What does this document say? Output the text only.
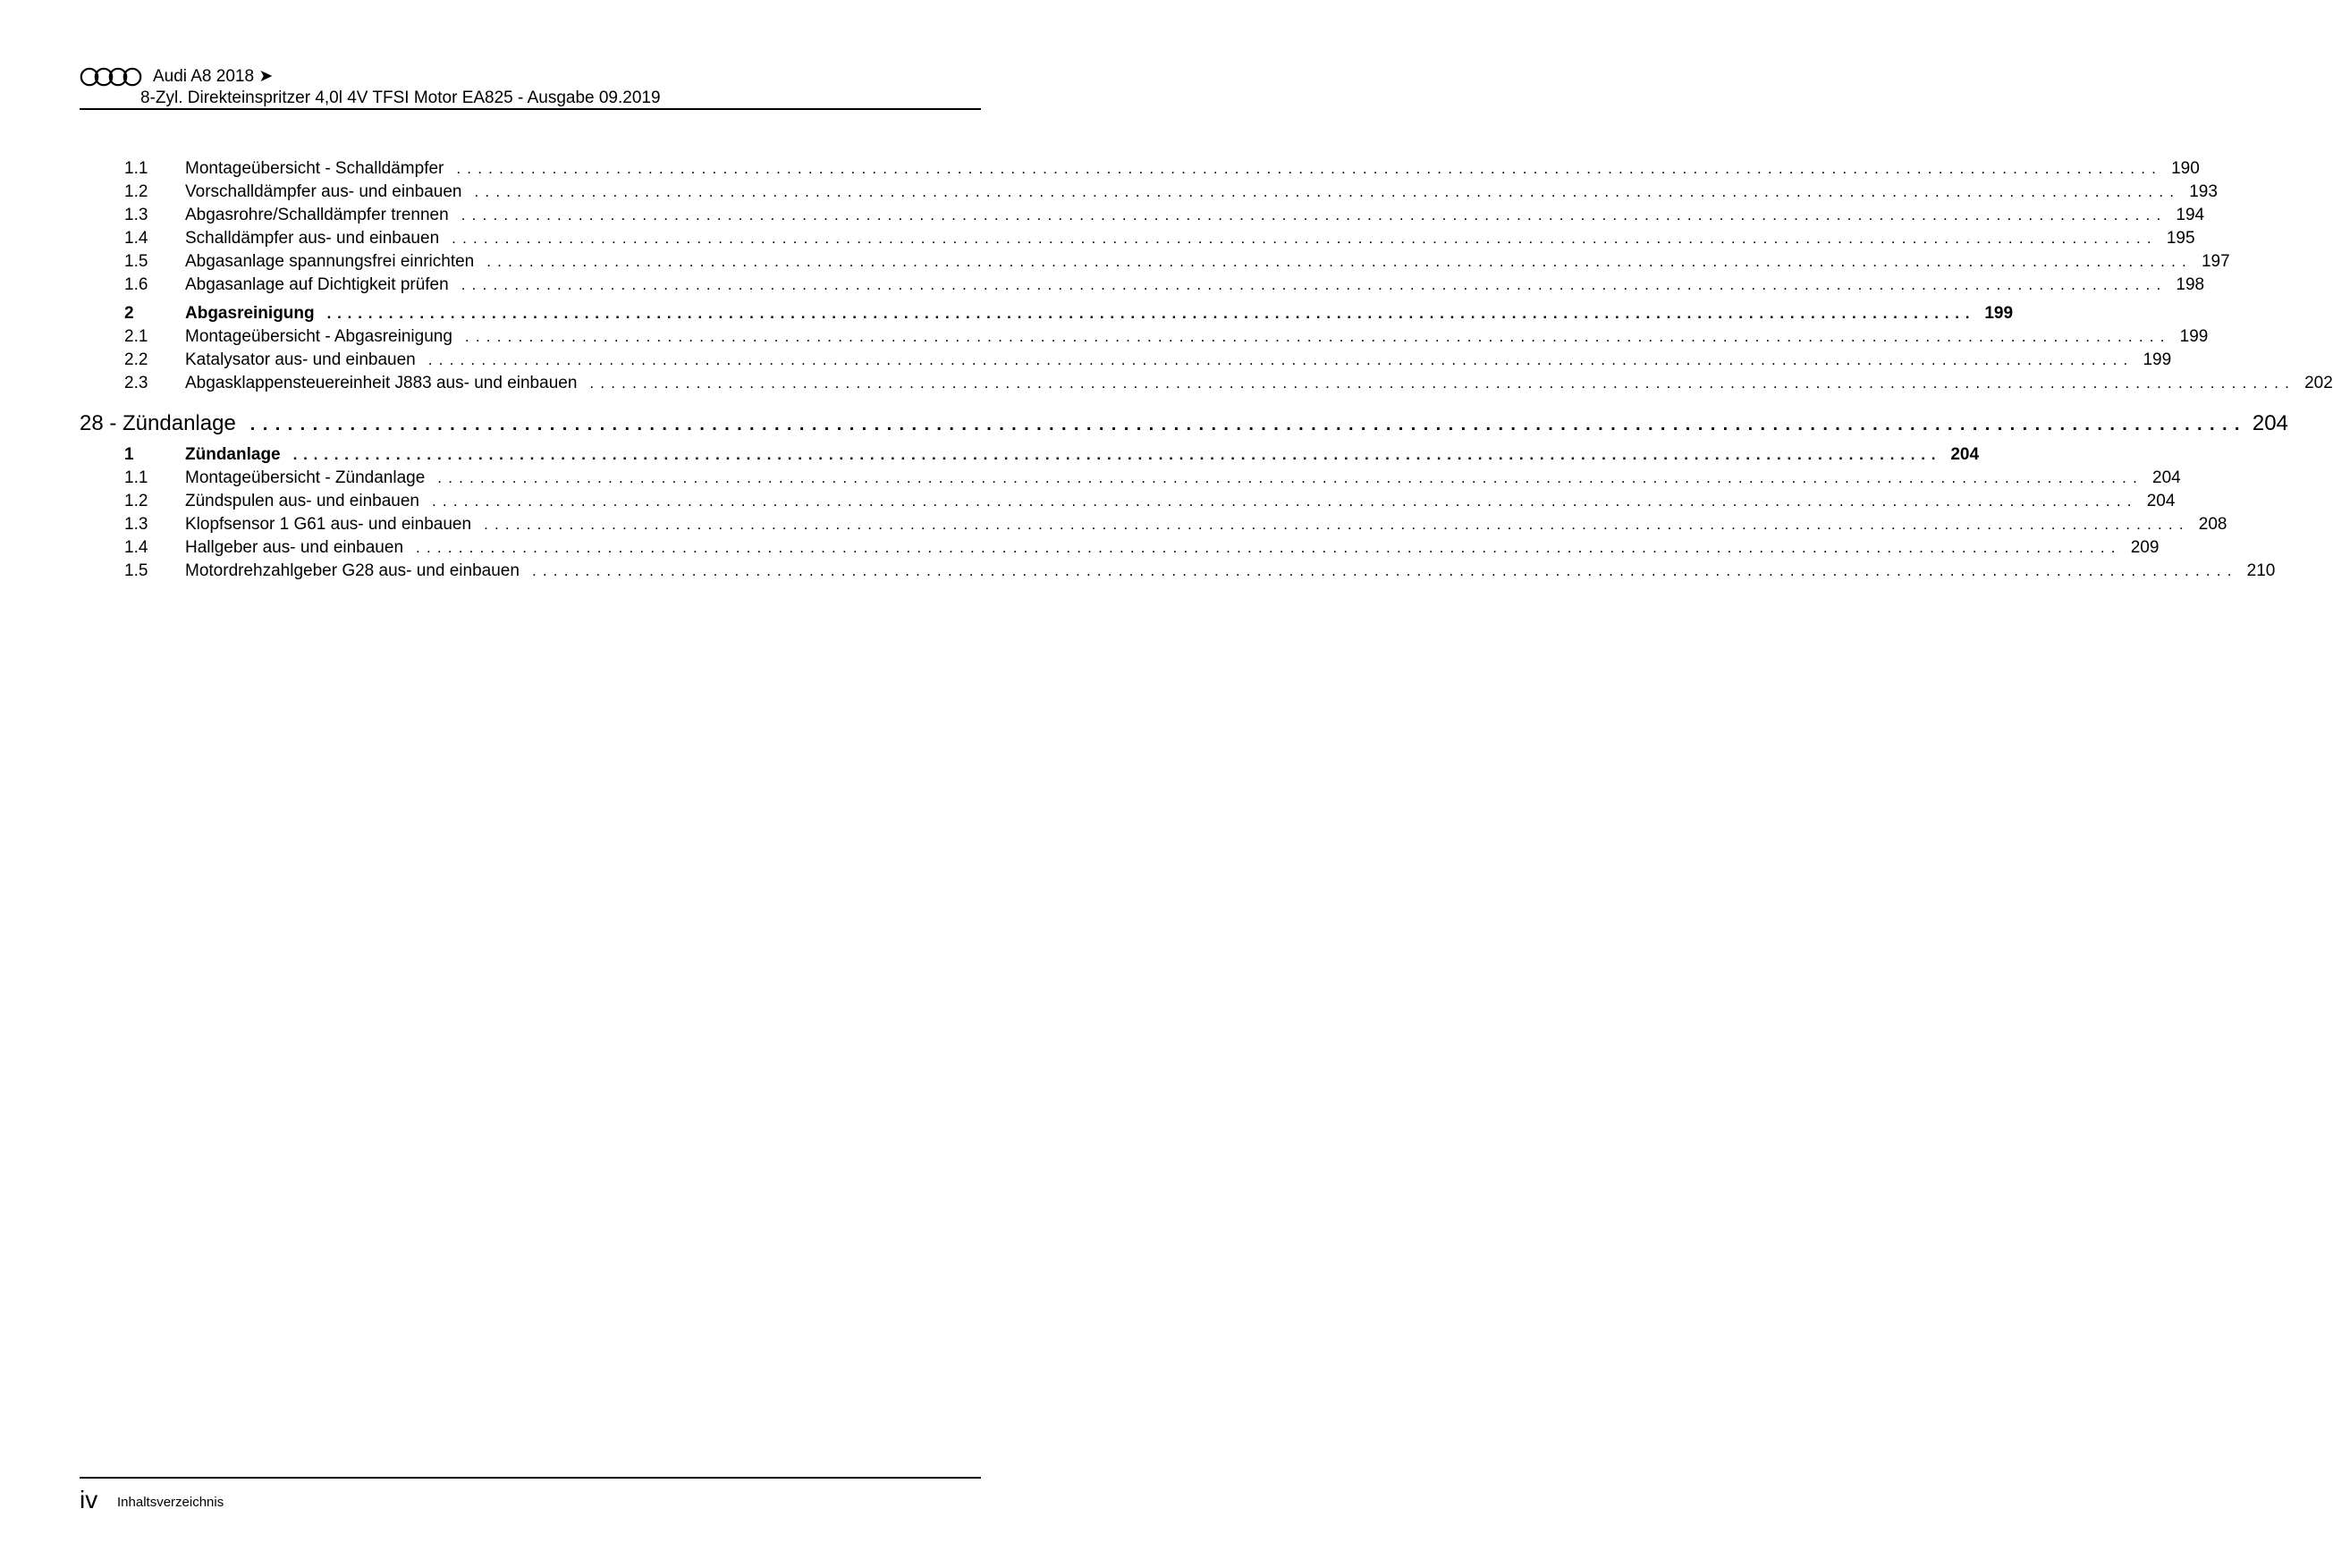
Audi A8 2018 ➤
8-Zyl. Direkteinspritzer 4,0l 4V TFSI Motor EA825 - Ausgabe 09.2019
1.1 Montageübersicht - Schalldämpfer ................................................................................................................................................................ 190
1.2 Vorschalldämpfer aus- und einbauen ................................................................................................................................................................ 193
1.3 Abgasrohre/Schalldämpfer trennen ................................................................................................................................................................ 194
1.4 Schalldämpfer aus- und einbauen ................................................................................................................................................................ 195
1.5 Abgasanlage spannungsfrei einrichten ................................................................................................................................................................ 197
1.6 Abgasanlage auf Dichtigkeit prüfen ................................................................................................................................................................ 198
2	Abgasreinigung ................................................................................................................................................................ 199
2.1 Montageübersicht - Abgasreinigung ................................................................................................................................................................ 199
2.2 Katalysator aus- und einbauen ................................................................................................................................................................ 199
2.3 Abgasklappensteuereinheit J883 aus- und einbauen ................................................................................................................................................................ 202
28 - Zündanlage ................................................................................................................................................................ 204
1	Zündanlage ................................................................................................................................................................ 204
1.1 Montageübersicht - Zündanlage ................................................................................................................................................................ 204
1.2 Zündspulen aus- und einbauen ................................................................................................................................................................ 204
1.3 Klopfsensor 1 G61 aus- und einbauen ................................................................................................................................................................ 208
1.4 Hallgeber aus- und einbauen ................................................................................................................................................................ 209
1.5 Motordrehzahlgeber G28 aus- und einbauen ................................................................................................................................................................ 210
iv Inhaltsverzeichnis
